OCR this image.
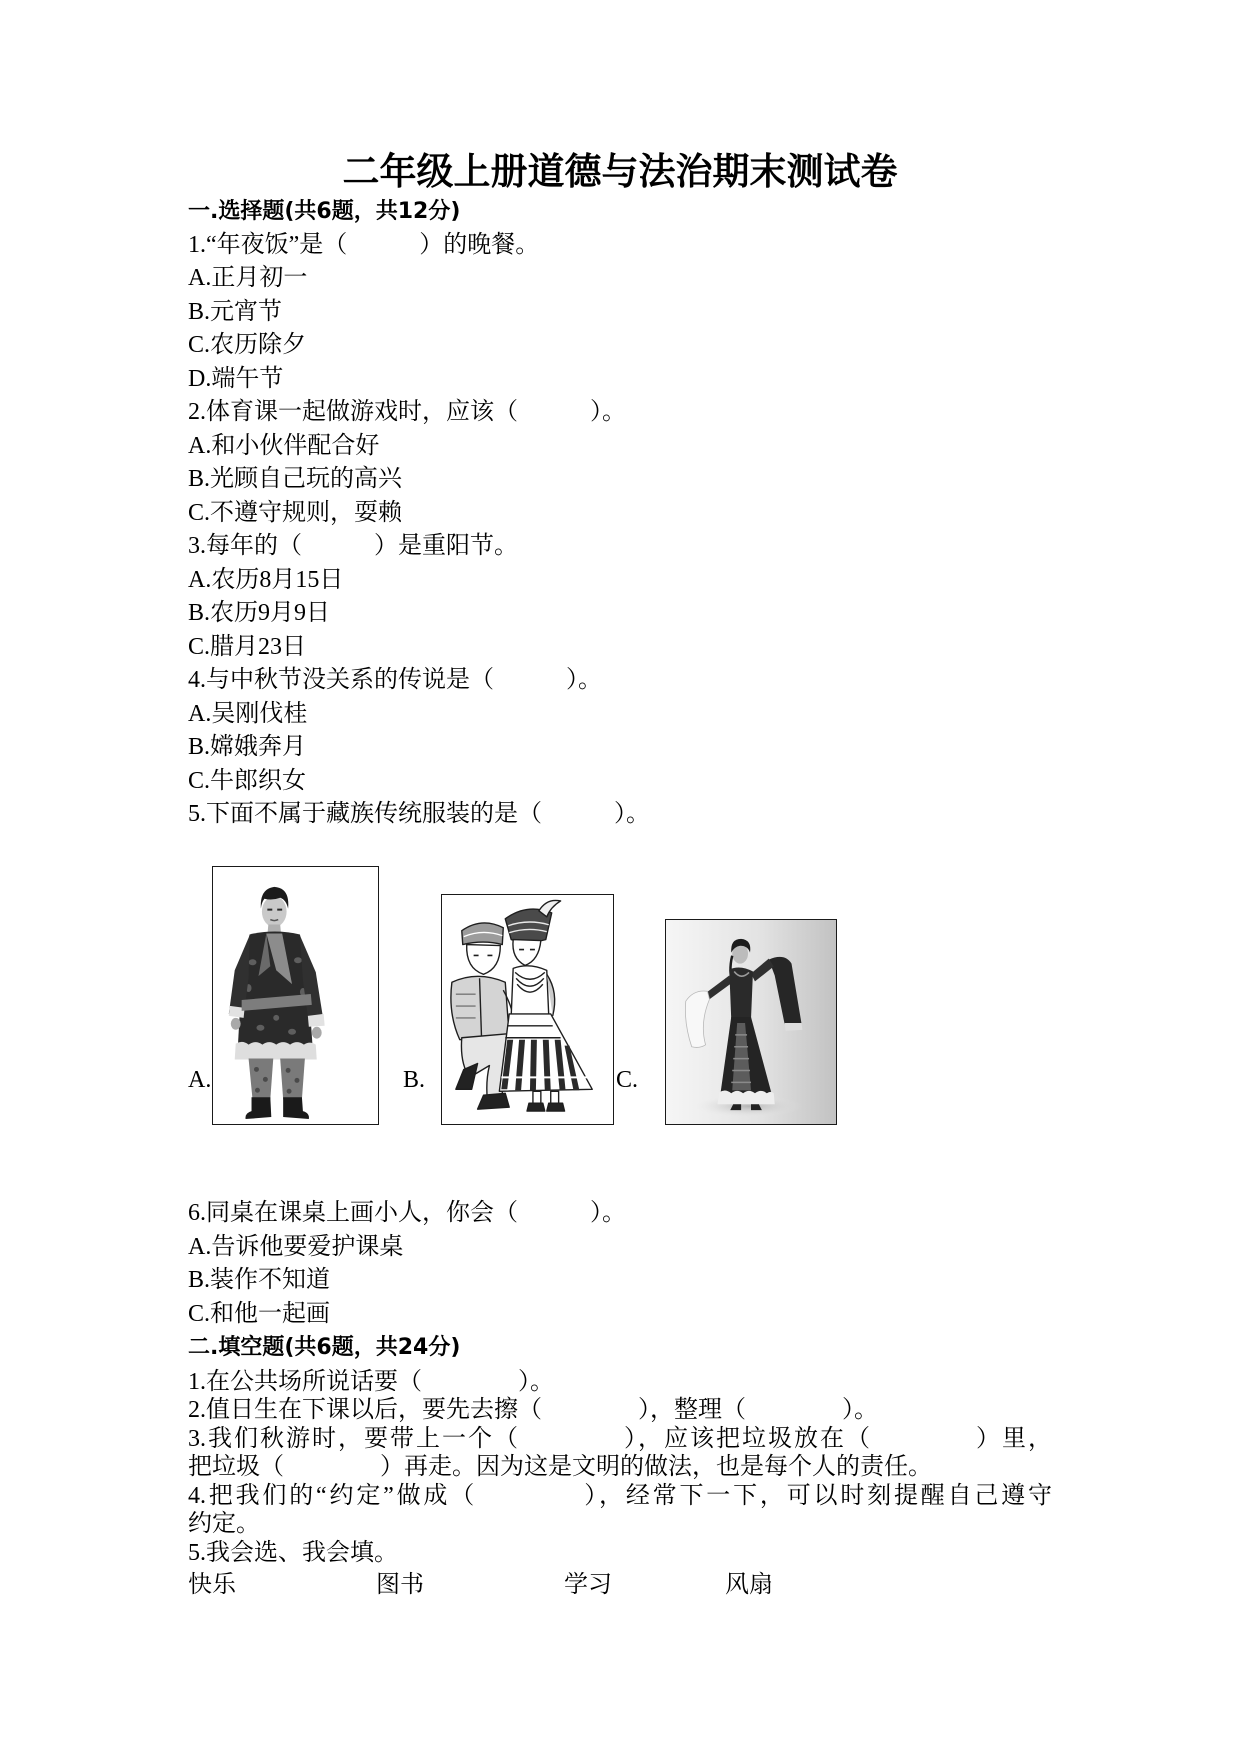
二年级上册道德与法治期末测试卷
一.选择题(共6题，共12分)
1.“年夜饭”是（　　　）的晚餐。
A.正月初一
B.元宵节
C.农历除夕
D.端午节
2.体育课一起做游戏时，应该（　　　）。
A.和小伙伴配合好
B.光顾自己玩的高兴
C.不遵守规则，耍赖
3.每年的（　　　）是重阳节。
A.农历8月15日
B.农历9月9日
C.腊月23日
4.与中秋节没关系的传说是（　　　）。
A.吴刚伐桂
B.嫦娥奔月
C.牛郎织女
5.下面不属于藏族传统服装的是（　　　）。
A.	B.	C.
6.同桌在课桌上画小人，你会（　　　）。
A.告诉他要爱护课桌
B.装作不知道
C.和他一起画
二.填空题(共6题，共24分)
1.在公共场所说话要（　　　　）。
2.值日生在下课以后，要先去擦（　　　　），整理（　　　　）。
3.我们秋游时，要带上一个（　　　　），应该把垃圾放在（　　　　）里，
把垃圾（　　　　）再走。因为这是文明的做法，也是每个人的责任。
4.把我们的“约定”做成（　　　　），经常下一下，可以时刻提醒自己遵守
约定。
5.我会选、我会填。
快乐	图书	学习	风扇
